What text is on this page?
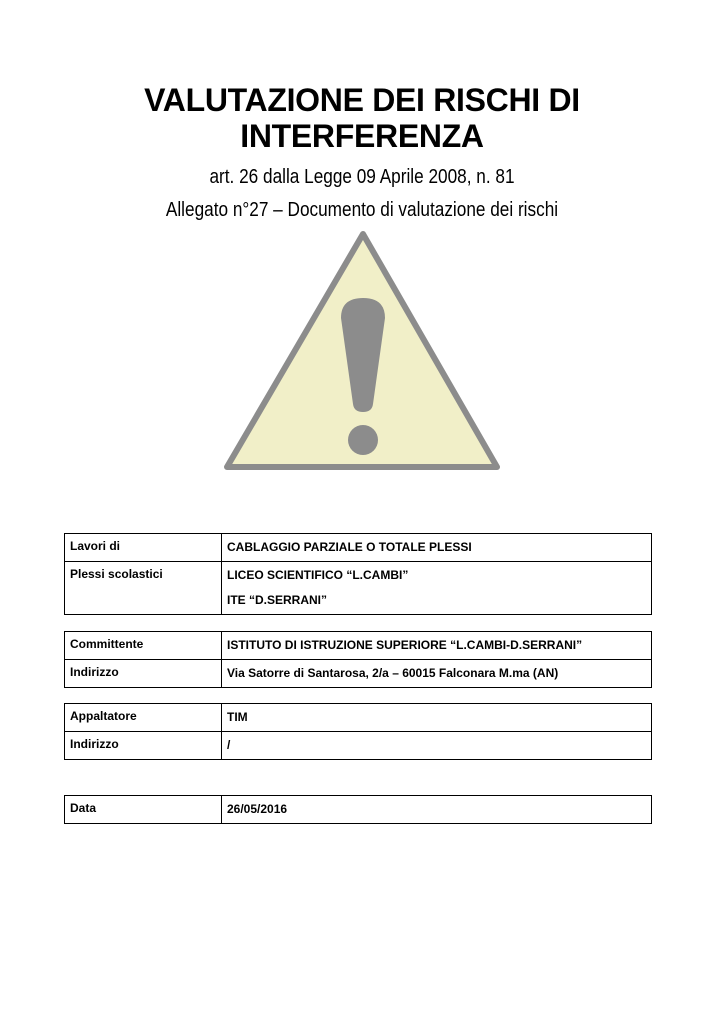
VALUTAZIONE DEI RISCHI DI
INTERFERENZA
art. 26 dalla Legge 09 Aprile 2008, n. 81
Allegato n°27 – Documento di valutazione dei rischi
Lavori di	CABLAGGIO PARZIALE O TOTALE PLESSI
Plessi scolastici	LICEO SCIENTIFICO “L.CAMBI”
ITE “D.SERRANI”
Committente	ISTITUTO DI ISTRUZIONE SUPERIORE “L.CAMBI-D.SERRANI”
Indirizzo	Via Satorre di Santarosa, 2/a – 60015 Falconara M.ma (AN)
Appaltatore	TIM
Indirizzo	/
Data	26/05/2016
